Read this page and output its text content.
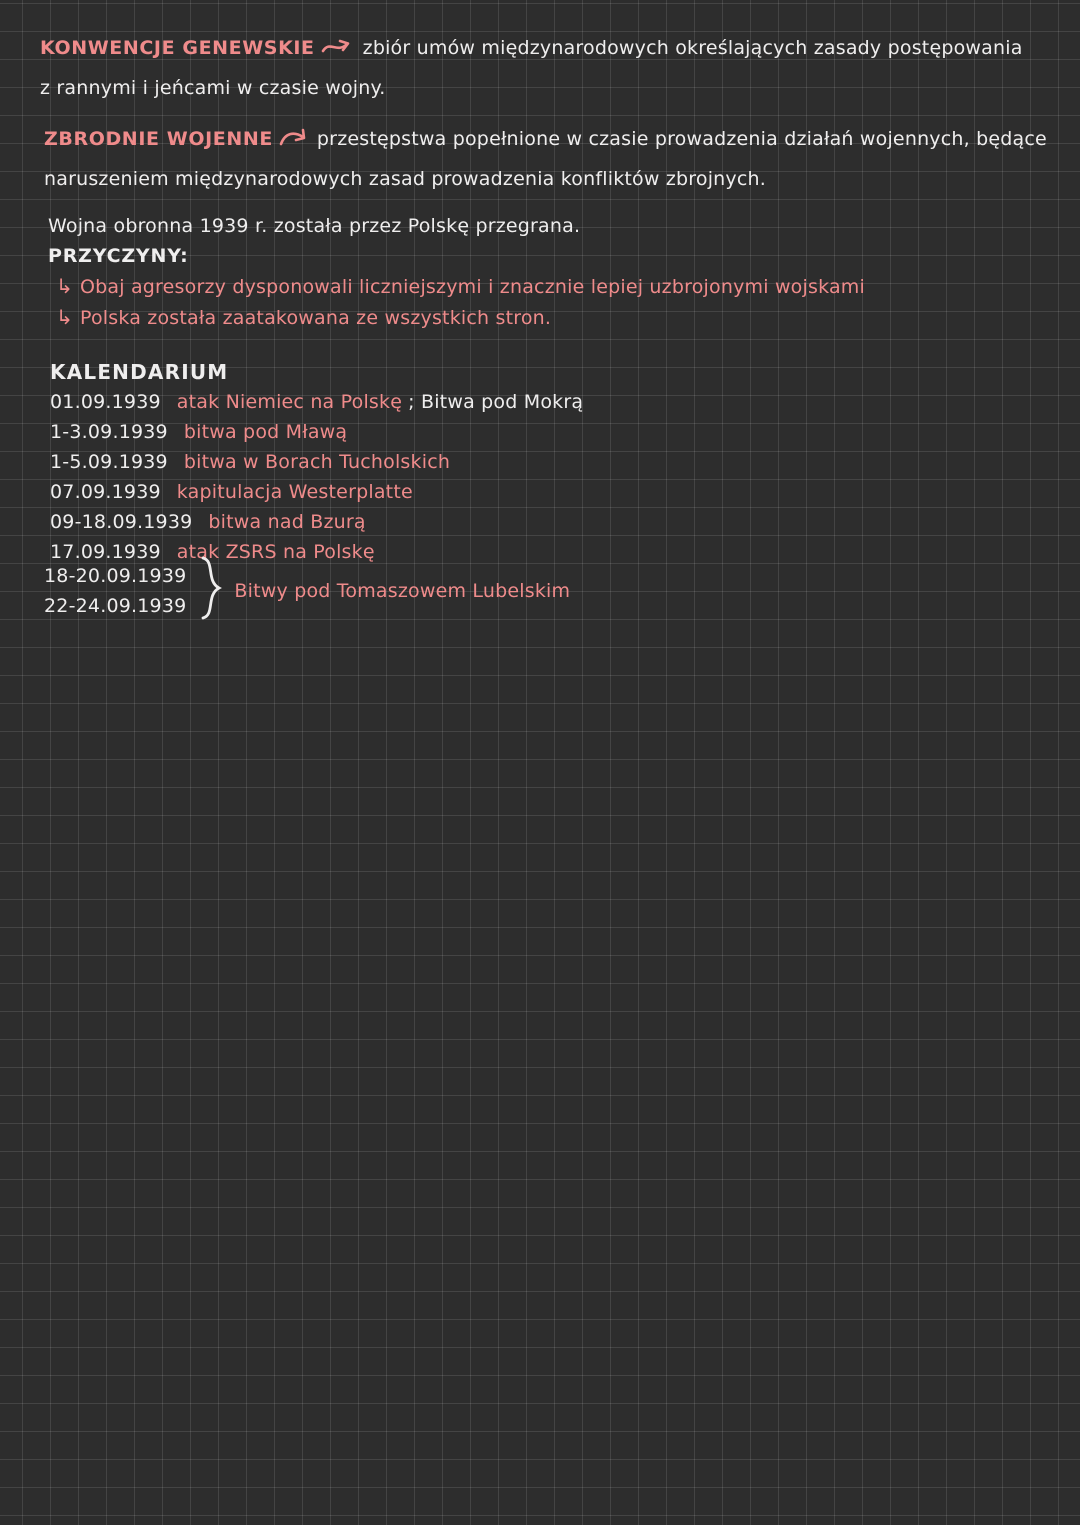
KONWENCJE GENEWSKIE	zbiór umów międzynarodowych określających zasady postępowania
z rannymi i jeńcami w czasie wojny.
ZBRODNIE WOJENNE przestępstwa popełnione w czasie prowadzenia działań wojennych, będące
naruszeniem międzynarodowych zasad prowadzenia konfliktów zbrojnych.
Wojna obronna 1939 r. została przez Polskę przegrana.
PRZYCZYNY:
↳ Obaj agresorzy dysponowali liczniejszymi i znacznie lepiej uzbrojonymi wojskami
↳ Polska została zaatakowana ze wszystkich stron.
KALENDARIUM
01.09.1939 atak Niemiec na Polskę ; Bitwa pod Mokrą
1-3.09.1939 bitwa pod Mławą
1-5.09.1939 bitwa w Borach Tucholskich
07.09.1939 kapitulacja Westerplatte
09-18.09.1939 bitwa nad Bzurą
17.09.1939 atak ZSRS na Polskę
18-20.09.1939
22-24.09.1939
Bitwy pod Tomaszowem Lubelskim
